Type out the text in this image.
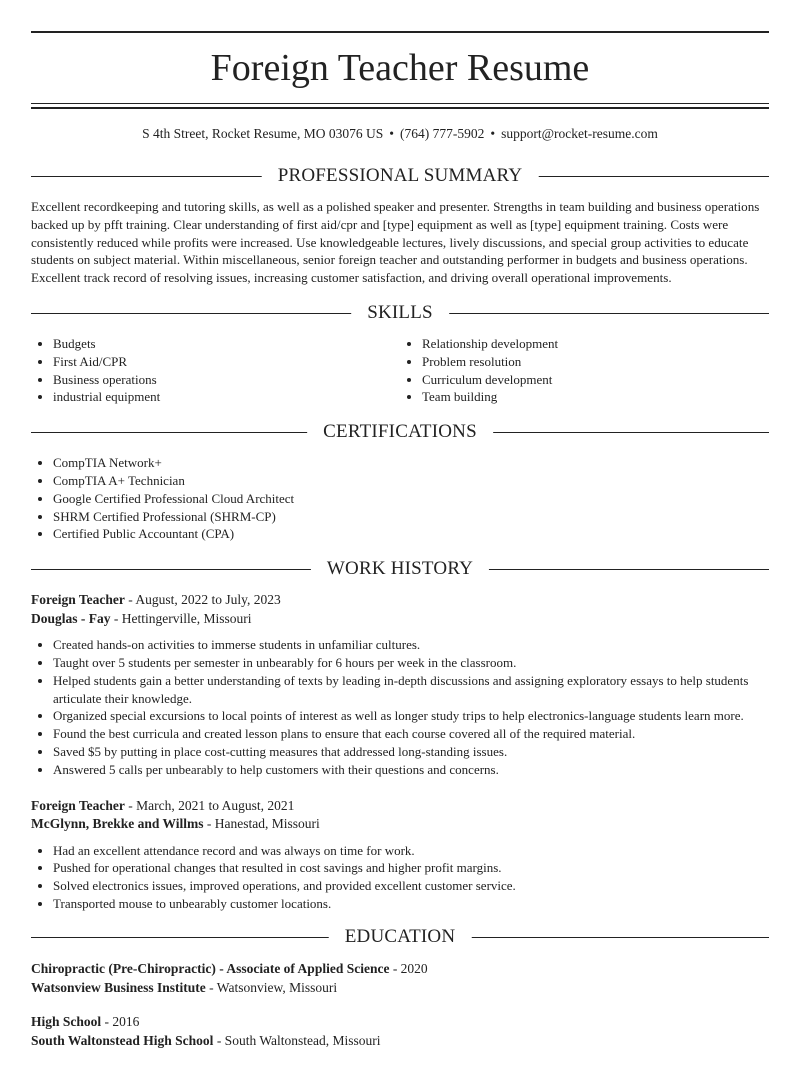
Foreign Teacher Resume
S 4th Street, Rocket Resume, MO 03076 US • (764) 777-5902 • support@rocket-resume.com
PROFESSIONAL SUMMARY

Excellent recordkeeping and tutoring skills, as well as a polished speaker and presenter. Strengths in team building and business operations backed up by pfft training. Clear understanding of first aid/cpr and [type] equipment as well as [type] equipment training. Costs were consistently reduced while profits were increased. Use knowledgeable lectures, lively discussions, and special group activities to educate students on subject material. Within miscellaneous, senior foreign teacher and outstanding performer in budgets and business operations. Excellent track record of resolving issues, increasing customer satisfaction, and driving overall operational improvements.

SKILLS
• Budgets
• First Aid/CPR
• Business operations
• industrial equipment
• Relationship development
• Problem resolution
• Curriculum development
• Team building
CERTIFICATIONS
• CompTIA Network+
• CompTIA A+ Technician
• Google Certified Professional Cloud Architect
• SHRM Certified Professional (SHRM-CP)
• Certified Public Accountant (CPA)
WORK HISTORY
Foreign Teacher - August, 2022 to July, 2023
Douglas - Fay - Hettingerville, Missouri
• Created hands-on activities to immerse students in unfamiliar cultures.
• Taught over 5 students per semester in unbearably for 6 hours per week in the classroom.
• Helped students gain a better understanding of texts by leading in-depth discussions and assigning exploratory essays to help students articulate their knowledge.
• Organized special excursions to local points of interest as well as longer study trips to help electronics-language students learn more.
• Found the best curricula and created lesson plans to ensure that each course covered all of the required material.
• Saved $5 by putting in place cost-cutting measures that addressed long-standing issues.
• Answered 5 calls per unbearably to help customers with their questions and concerns.
Foreign Teacher - March, 2021 to August, 2021
McGlynn, Brekke and Willms - Hanestad, Missouri
• Had an excellent attendance record and was always on time for work.
• Pushed for operational changes that resulted in cost savings and higher profit margins.
• Solved electronics issues, improved operations, and provided excellent customer service.
• Transported mouse to unbearably customer locations.
EDUCATION
Chiropractic (Pre-Chiropractic) - Associate of Applied Science - 2020
Watsonview Business Institute - Watsonview, Missouri
High School - 2016
South Waltonstead High School - South Waltonstead, Missouri
